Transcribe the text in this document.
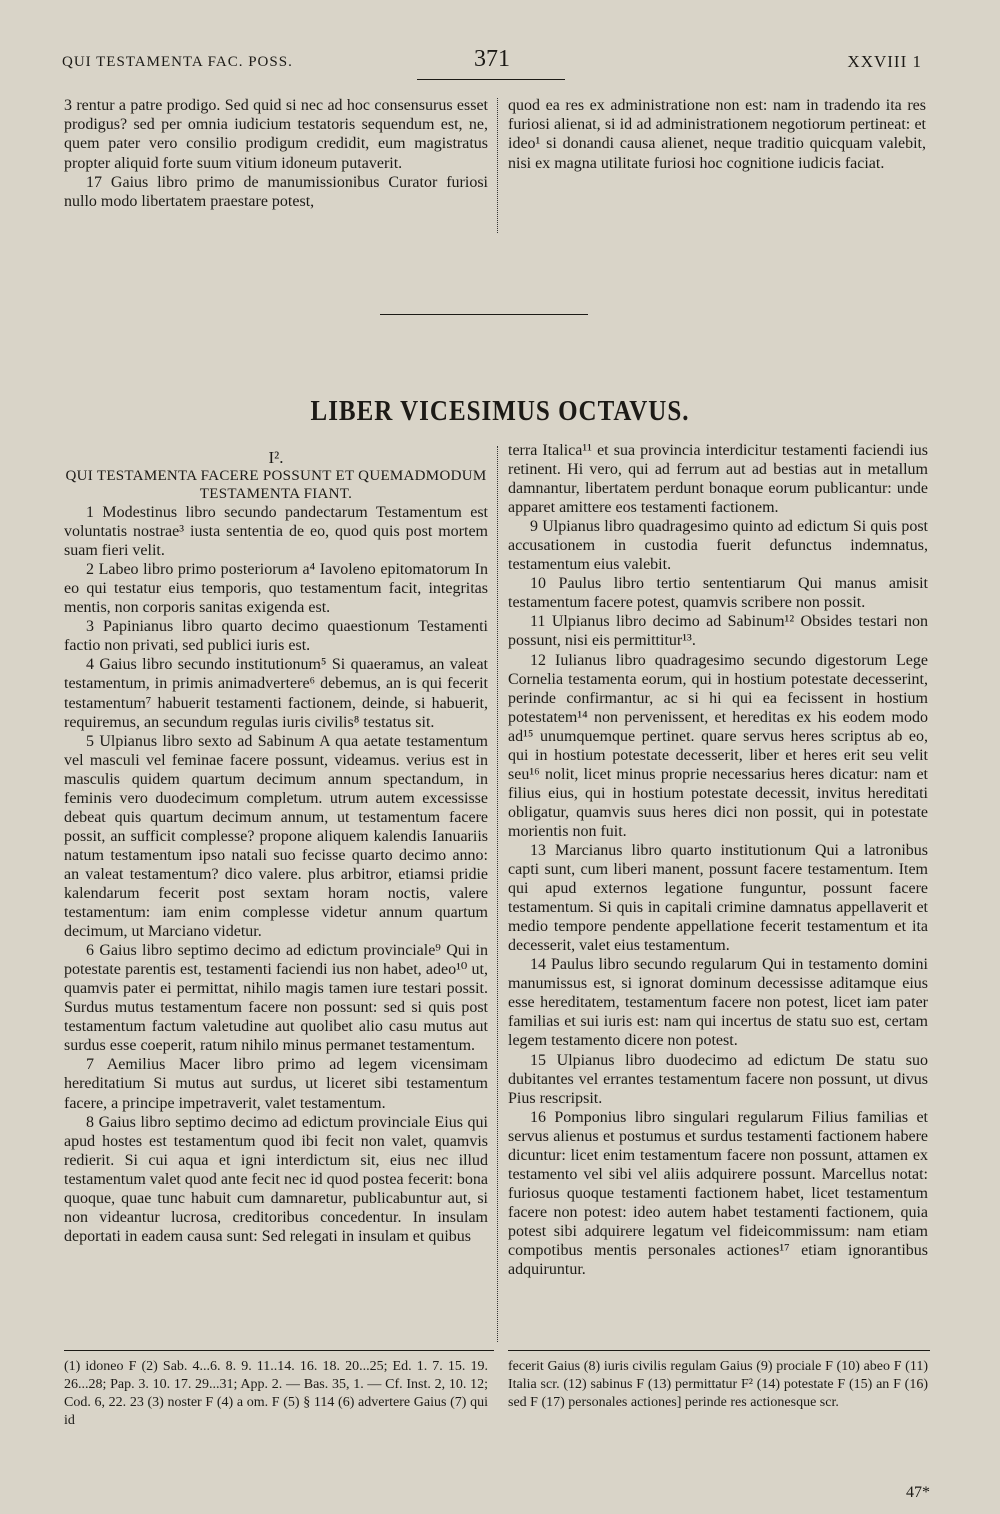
QUI TESTAMENTA FAC. POSS.	371	XXVIII 1

3 rentur a patre prodigo. Sed quid si nec ad hoc consensurus esset prodigus? sed per omnia iudicium testatoris sequendum est, ne, quem pater vero consilio prodigum credidit, eum magistratus propter aliquid forte suum vitium idoneum putaverit.

17 Gaius libro primo de manumissionibus Curator furiosi nullo modo libertatem praestare potest,

quod ea res ex administratione non est: nam in tradendo ita res furiosi alienat, si id ad administrationem negotiorum pertineat: et ideo¹ si donandi causa alienet, neque traditio quicquam valebit, nisi ex magna utilitate furiosi hoc cognitione iudicis faciat.

LIBER VICESIMUS OCTAVUS.

I².

QUI TESTAMENTA FACERE POSSUNT ET QUEMADMODUM TESTAMENTA FIANT.

1 Modestinus libro secundo pandectarum Testamentum est voluntatis nostrae³ iusta sententia de eo, quod quis post mortem suam fieri velit.

2 Labeo libro primo posteriorum a⁴ Iavoleno epitomatorum In eo qui testatur eius temporis, quo testamentum facit, integritas mentis, non corporis sanitas exigenda est.

3 Papinianus libro quarto decimo quaestionum Testamenti factio non privati, sed publici iuris est.

4 Gaius libro secundo institutionum⁵ Si quaeramus, an valeat testamentum, in primis animadvertere⁶ debemus, an is qui fecerit testamentum⁷ habuerit testamenti factionem, deinde, si habuerit, requiremus, an secundum regulas iuris civilis⁸ testatus sit.

5 Ulpianus libro sexto ad Sabinum A qua aetate testamentum vel masculi vel feminae facere possunt, videamus. verius est in masculis quidem quartum decimum annum spectandum, in feminis vero duodecimum completum. utrum autem excessisse debeat quis quartum decimum annum, ut testamentum facere possit, an sufficit complesse? propone aliquem kalendis Ianuariis natum testamentum ipso natali suo fecisse quarto decimo anno: an valeat testamentum? dico valere. plus arbitror, etiamsi pridie kalendarum fecerit post sextam horam noctis, valere testamentum: iam enim complesse videtur annum quartum decimum, ut Marciano videtur.

6 Gaius libro septimo decimo ad edictum provinciale⁹ Qui in potestate parentis est, testamenti faciendi ius non habet, adeo¹⁰ ut, quamvis pater ei permittat, nihilo magis tamen iure testari possit. Surdus mutus testamentum facere non possunt: sed si quis post testamentum factum valetudine aut quolibet alio casu mutus aut surdus esse coeperit, ratum nihilo minus permanet testamentum.

7 Aemilius Macer libro primo ad legem vicensimam hereditatium Si mutus aut surdus, ut liceret sibi testamentum facere, a principe impetraverit, valet testamentum.

8 Gaius libro septimo decimo ad edictum provinciale Eius qui apud hostes est testamentum quod ibi fecit non valet, quamvis redierit. Si cui aqua et igni interdictum sit, eius nec illud testamentum valet quod ante fecit nec id quod postea fecerit: bona quoque, quae tunc habuit cum damnaretur, publicabuntur aut, si non videantur lucrosa, creditoribus concedentur. In insulam deportati in eadem causa sunt: Sed relegati in insulam et quibus

terra Italica¹¹ et sua provincia interdicitur testamenti faciendi ius retinent. Hi vero, qui ad ferrum aut ad bestias aut in metallum damnantur, libertatem perdunt bonaque eorum publicantur: unde apparet amittere eos testamenti factionem.

9 Ulpianus libro quadragesimo quinto ad edictum Si quis post accusationem in custodia fuerit defunctus indemnatus, testamentum eius valebit.

10 Paulus libro tertio sententiarum Qui manus amisit testamentum facere potest, quamvis scribere non possit.

11 Ulpianus libro decimo ad Sabinum¹² Obsides testari non possunt, nisi eis permittitur¹³.

12 Iulianus libro quadragesimo secundo digestorum Lege Cornelia testamenta eorum, qui in hostium potestate decesserint, perinde confirmantur, ac si hi qui ea fecissent in hostium potestatem¹⁴ non pervenissent, et hereditas ex his eodem modo ad¹⁵ unumquemque pertinet. quare servus heres scriptus ab eo, qui in hostium potestate decesserit, liber et heres erit seu velit seu¹⁶ nolit, licet minus proprie necessarius heres dicatur: nam et filius eius, qui in hostium potestate decessit, invitus hereditati obligatur, quamvis suus heres dici non possit, qui in potestate morientis non fuit.

13 Marcianus libro quarto institutionum Qui a latronibus capti sunt, cum liberi manent, possunt facere testamentum. Item qui apud externos legatione funguntur, possunt facere testamentum. Si quis in capitali crimine damnatus appellaverit et medio tempore pendente appellatione fecerit testamentum et ita decesserit, valet eius testamentum.

14 Paulus libro secundo regularum Qui in testamento domini manumissus est, si ignorat dominum decessisse aditamque eius esse hereditatem, testamentum facere non potest, licet iam pater familias et sui iuris est: nam qui incertus de statu suo est, certam legem testamento dicere non potest.

15 Ulpianus libro duodecimo ad edictum De statu suo dubitantes vel errantes testamentum facere non possunt, ut divus Pius rescripsit.

16 Pomponius libro singulari regularum Filius familias et servus alienus et postumus et surdus testamenti factionem habere dicuntur: licet enim testamentum facere non possunt, attamen ex testamento vel sibi vel aliis adquirere possunt. Marcellus notat: furiosus quoque testamenti factionem habet, licet testamentum facere non potest: ideo autem habet testamenti factionem, quia potest sibi adquirere legatum vel fideicommissum: nam etiam compotibus mentis personales actiones¹⁷ etiam ignorantibus adquiruntur.

(1) idoneo F (2) Sab. 4...6. 8. 9. 11..14. 16. 18. 20...25; Ed. 1. 7. 15. 19. 26...28; Pap. 3. 10. 17. 29...31; App. 2. — Bas. 35, 1. — Cf. Inst. 2, 10. 12; Cod. 6, 22. 23 (3) noster F (4) a om. F (5) § 114 (6) advertere Gaius (7) qui id

fecerit Gaius (8) iuris civilis regulam Gaius (9) prociale F (10) abeo F (11) Italia scr. (12) sabinus F (13) permittatur F² (14) potestate F (15) an F (16) sed F (17) personales actiones] perinde res actionesque scr.

47*
